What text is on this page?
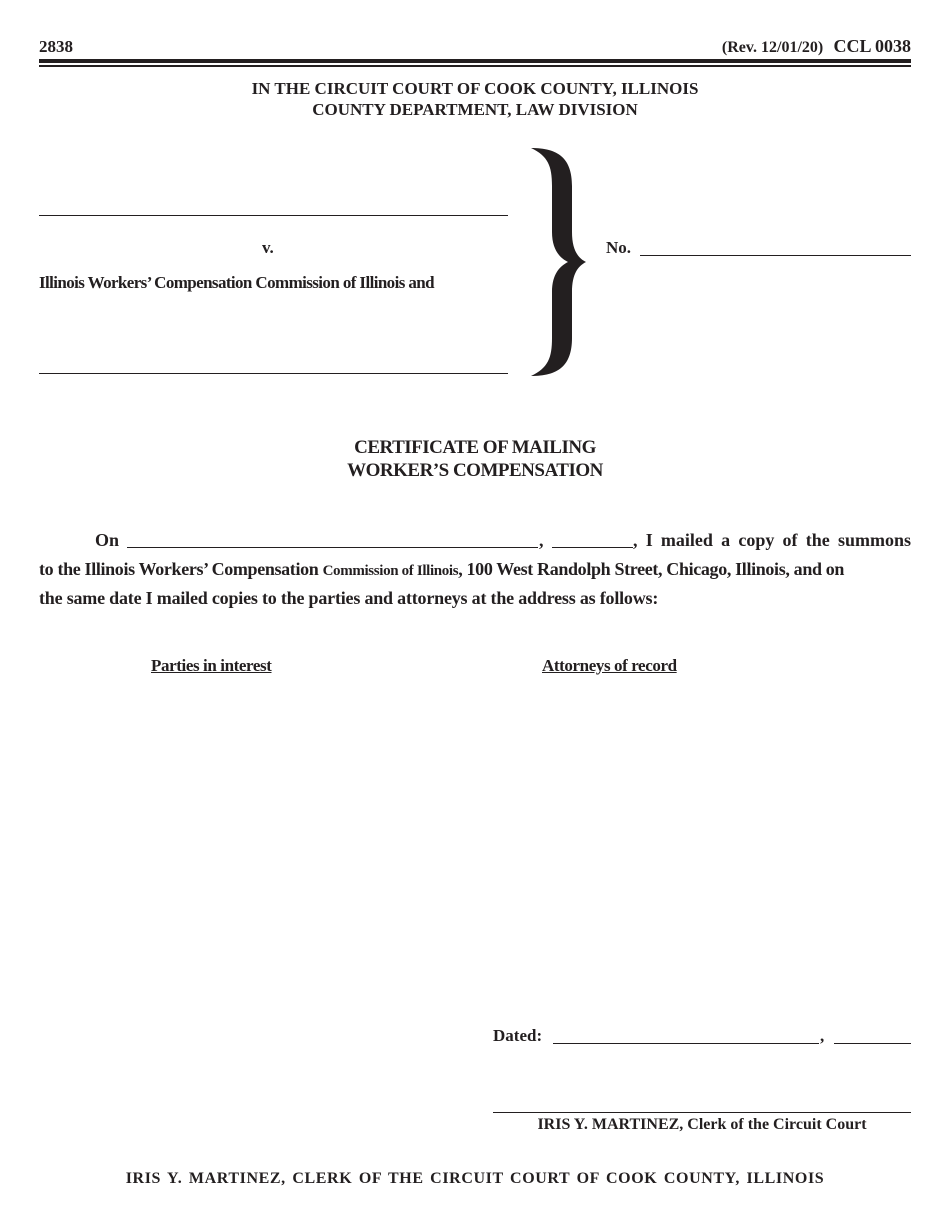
2838	(Rev. 12/01/20) CCL 0038
IN THE CIRCUIT COURT OF COOK COUNTY, ILLINOIS
COUNTY DEPARTMENT, LAW DIVISION
v.
Illinois Workers’ Compensation Commission of Illinois and
No.
CERTIFICATE OF MAILING
WORKER’S COMPENSATION
On	,	, I mailed a copy of the summons
to the Illinois Workers’ Compensation Commission of Illinois, 100 West Randolph Street, Chicago, Illinois, and on
the same date I mailed copies to the parties and attorneys at the address as follows:
Parties in interest	Attorneys of record
Dated:	,
IRIS Y. MARTINEZ, Clerk of the Circuit Court
IRIS Y. MARTINEZ, CLERK OF THE CIRCUIT COURT OF COOK COUNTY, ILLINOIS
